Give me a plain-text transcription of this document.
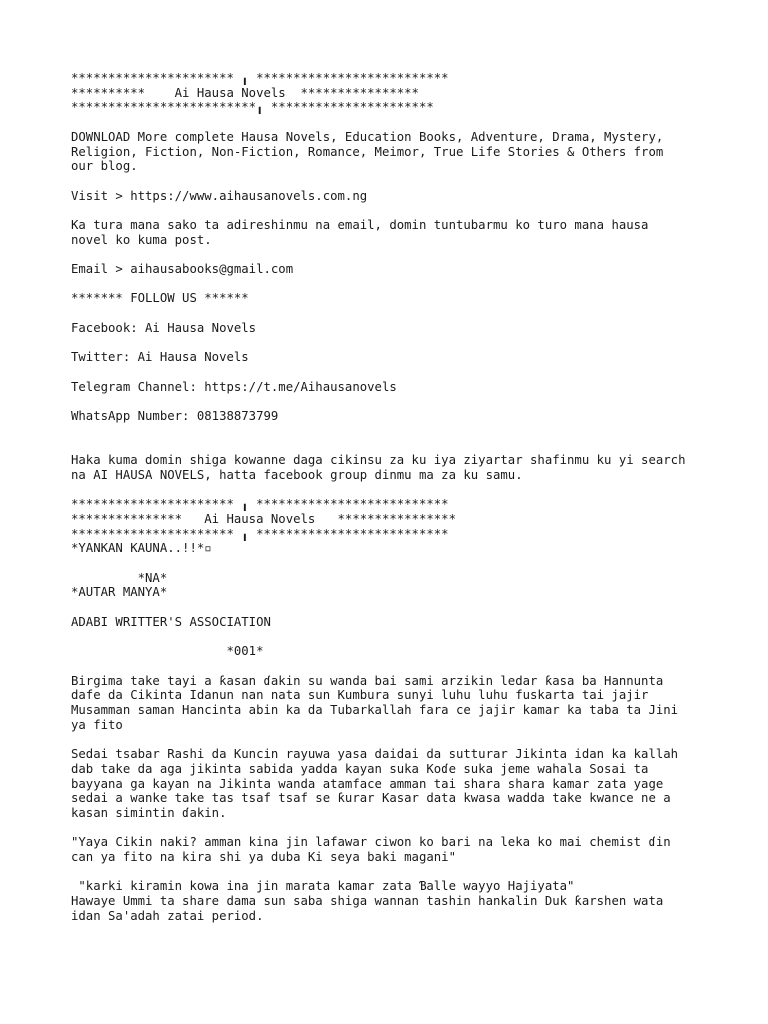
********************** ╻ **************************
**********    Ai Hausa Novels  ****************
*************************╻ **********************
DOWNLOAD More complete Hausa Novels, Education Books, Adventure, Drama, Mystery,
Religion, Fiction, Non-Fiction, Romance, Meimor, True Life Stories & Others from
our blog.
Visit > https://www.aihausanovels.com.ng
Ka tura mana sako ta adireshinmu na email, domin tuntubarmu ko turo mana hausa
novel ko kuma post.
Email > aihausabooks@gmail.com
******* FOLLOW US ******
Facebook: Ai Hausa Novels
Twitter: Ai Hausa Novels
Telegram Channel: https://t.me/Aihausanovels
WhatsApp Number: 08138873799
Haka kuma domin shiga kowanne daga cikinsu za ku iya ziyartar shafinmu ku yi search
na AI HAUSA NOVELS, hatta facebook group dinmu ma za ku samu.
********************** ╻ **************************
***************   Ai Hausa Novels   ****************
********************** ╻ **************************
*YANKAN KAUNA..!!*▫
*NA*
*AUTAR MANYA*
ADABI WRITTER'S ASSOCIATION
*001*
Birgima take tayi a ƙasan ɗakin su wanda bai sami arzikin ledar ƙasa ba Hannunta
dafe da Cikinta Idanun nan nata sun Kumbura sunyi luhu luhu fuskarta tai jajir
Musamman saman Hancinta abin ka da Tubarkallah fara ce jajir kamar ka taba ta Jini
ya fito
Sedai tsabar Rashi da Kuncin rayuwa yasa daidai da sutturar Jikinta idan ka kallah
dab take da aga jikinta sabida yadda kayan suka Koɗe suka jeme wahala Sosai ta
bayyana ga kayan na Jikinta wanda atamface amman tai shara shara kamar zata yage
sedai a wanke take tas tsaf tsaf se ƙurar Kasar data kwasa wadda take kwance ne a
kasan simintin ɗakin.
"Yaya Cikin naki? amman kina jin lafawar ciwon ko bari na leka ko mai chemist ɗin
can ya fito na kira shi ya duba Ki seya baki magani"
"karki kiramin kowa ina jin marata kamar zata Ɓalle wayyo Hajiyata"
Hawaye Ummi ta share dama sun saba shiga wannan tashin hankalin Duk ƙarshen wata
idan Sa'adah zatai period.
